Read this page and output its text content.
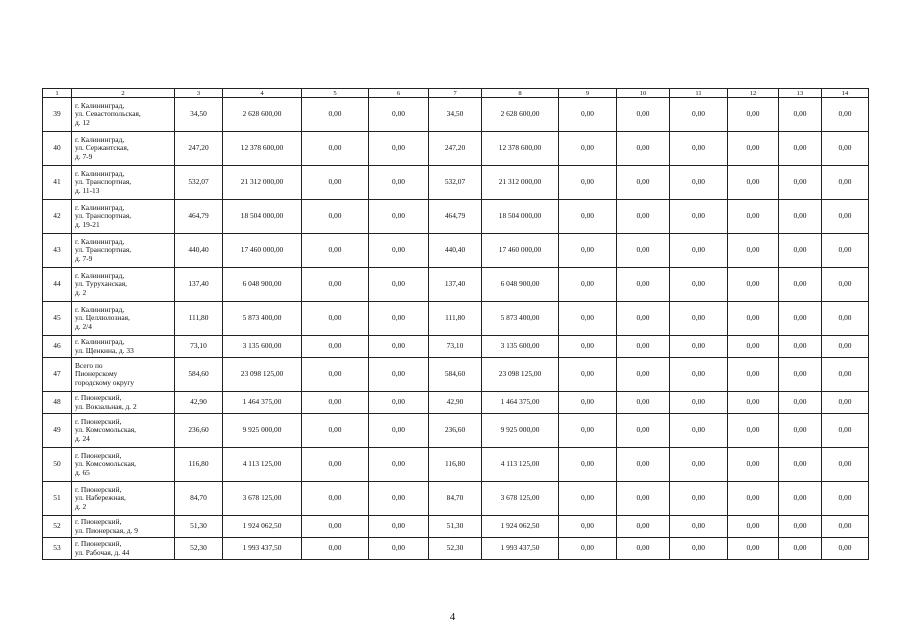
1	2	3	4	5	6	7	8	9	10	11	12	13	14
39	г. Калининград,
ул. Севастопольская,
д. 12	34,50	2 628 600,00	0,00	0,00	34,50	2 628 600,00	0,00	0,00	0,00	0,00	0,00	0,00
40	г. Калининград,
ул. Сержантская,
д. 7-9	247,20	12 378 600,00	0,00	0,00	247,20	12 378 600,00	0,00	0,00	0,00	0,00	0,00	0,00
41	г. Калининград,
ул. Транспортная,
д. 11-13	532,07	21 312 000,00	0,00	0,00	532,07	21 312 000,00	0,00	0,00	0,00	0,00	0,00	0,00
42	г. Калининград,
ул. Транспортная,
д. 19-21	464,79	18 504 000,00	0,00	0,00	464,79	18 504 000,00	0,00	0,00	0,00	0,00	0,00	0,00
43	г. Калининград,
ул. Транспортная,
д. 7-9	440,40	17 460 000,00	0,00	0,00	440,40	17 460 000,00	0,00	0,00	0,00	0,00	0,00	0,00
44	г. Калининград,
ул. Туруханская,
д. 2	137,40	6 048 900,00	0,00	0,00	137,40	6 048 900,00	0,00	0,00	0,00	0,00	0,00	0,00
45	г. Калининград,
ул. Целлюлозная,
д. 2/4	111,80	5 873 400,00	0,00	0,00	111,80	5 873 400,00	0,00	0,00	0,00	0,00	0,00	0,00
46	г. Калининград,
ул. Щенкина, д. 33	73,10	3 135 600,00	0,00	0,00	73,10	3 135 600,00	0,00	0,00	0,00	0,00	0,00	0,00
47	Всего по
Пионерскому
городскому округу	584,60	23 098 125,00	0,00	0,00	584,60	23 098 125,00	0,00	0,00	0,00	0,00	0,00	0,00
48	г. Пионерский,
ул. Вокзальная, д. 2	42,90	1 464 375,00	0,00	0,00	42,90	1 464 375,00	0,00	0,00	0,00	0,00	0,00	0,00
49	г. Пионерский,
ул. Комсомольская,
д. 24	236,60	9 925 000,00	0,00	0,00	236,60	9 925 000,00	0,00	0,00	0,00	0,00	0,00	0,00
50	г. Пионерский,
ул. Комсомольская,
д. 65	116,80	4 113 125,00	0,00	0,00	116,80	4 113 125,00	0,00	0,00	0,00	0,00	0,00	0,00
51	г. Пионерский,
ул. Набережная,
д. 2	84,70	3 678 125,00	0,00	0,00	84,70	3 678 125,00	0,00	0,00	0,00	0,00	0,00	0,00
52	г. Пионерский,
ул. Пионерская, д. 9	51,30	1 924 062,50	0,00	0,00	51,30	1 924 062,50	0,00	0,00	0,00	0,00	0,00	0,00
53	г. Пионерский,
ул. Рабочая, д. 44	52,30	1 993 437,50	0,00	0,00	52,30	1 993 437,50	0,00	0,00	0,00	0,00	0,00	0,00
4
